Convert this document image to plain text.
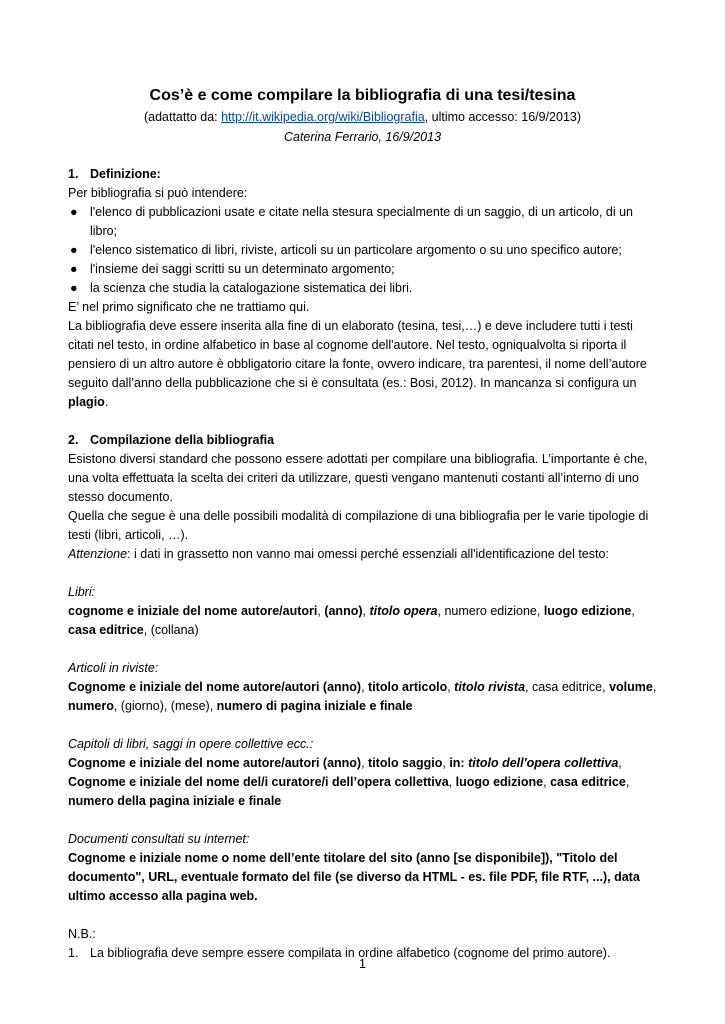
Cos’è e come compilare la bibliografia di una tesi/tesina
(adattatto da: http://it.wikipedia.org/wiki/Bibliografia, ultimo accesso: 16/9/2013)
Caterina Ferrario, 16/9/2013
1. Definizione:
Per bibliografia si può intendere:
● l'elenco di pubblicazioni usate e citate nella stesura specialmente di un saggio, di un articolo, di un libro;
● l'elenco sistematico di libri, riviste, articoli su un particolare argomento o su uno specifico autore;
● l'insieme dei saggi scritti su un determinato argomento;
● la scienza che studia la catalogazione sistematica dei libri.
E’ nel primo significato che ne trattiamo qui.
La bibliografia deve essere inserita alla fine di un elaborato (tesina, tesi,…) e deve includere tutti i testi citati nel testo, in ordine alfabetico in base al cognome dell'autore. Nel testo, ogniqualvolta si riporta il pensiero di un altro autore è obbligatorio citare la fonte, ovvero indicare, tra parentesi, il nome dell’autore seguito dall’anno della pubblicazione che si è consultata (es.: Bosi, 2012). In mancanza si configura un plagio.
2. Compilazione della bibliografia
Esistono diversi standard che possono essere adottati per compilare una bibliografia. L’importante è che, una volta effettuata la scelta dei criteri da utilizzare, questi vengano mantenuti costanti all’interno di uno stesso documento.
Quella che segue è una delle possibili modalità di compilazione di una bibliografia per le varie tipologie di testi (libri, articoli, …).
Attenzione: i dati in grassetto non vanno mai omessi perché essenziali all'identificazione del testo:
Libri:
cognome e iniziale del nome autore/autori, (anno), titolo opera, numero edizione, luogo edizione, casa editrice, (collana)
Articoli in riviste:
Cognome e iniziale del nome autore/autori (anno), titolo articolo, titolo rivista, casa editrice, volume, numero, (giorno), (mese), numero di pagina iniziale e finale
Capitoli di libri, saggi in opere collettive ecc.:
Cognome e iniziale del nome autore/autori (anno), titolo saggio, in: titolo dell'opera collettiva, Cognome e iniziale del nome del/i curatore/i dell’opera collettiva, luogo edizione, casa editrice, numero della pagina iniziale e finale
Documenti consultati su internet:
Cognome e iniziale nome o nome dell’ente titolare del sito (anno [se disponibile]), "Titolo del documento", URL, eventuale formato del file (se diverso da HTML - es. file PDF, file RTF, ...), data ultimo accesso alla pagina web.
N.B.:
1. La bibliografia deve sempre essere compilata in ordine alfabetico (cognome del primo autore).
1
